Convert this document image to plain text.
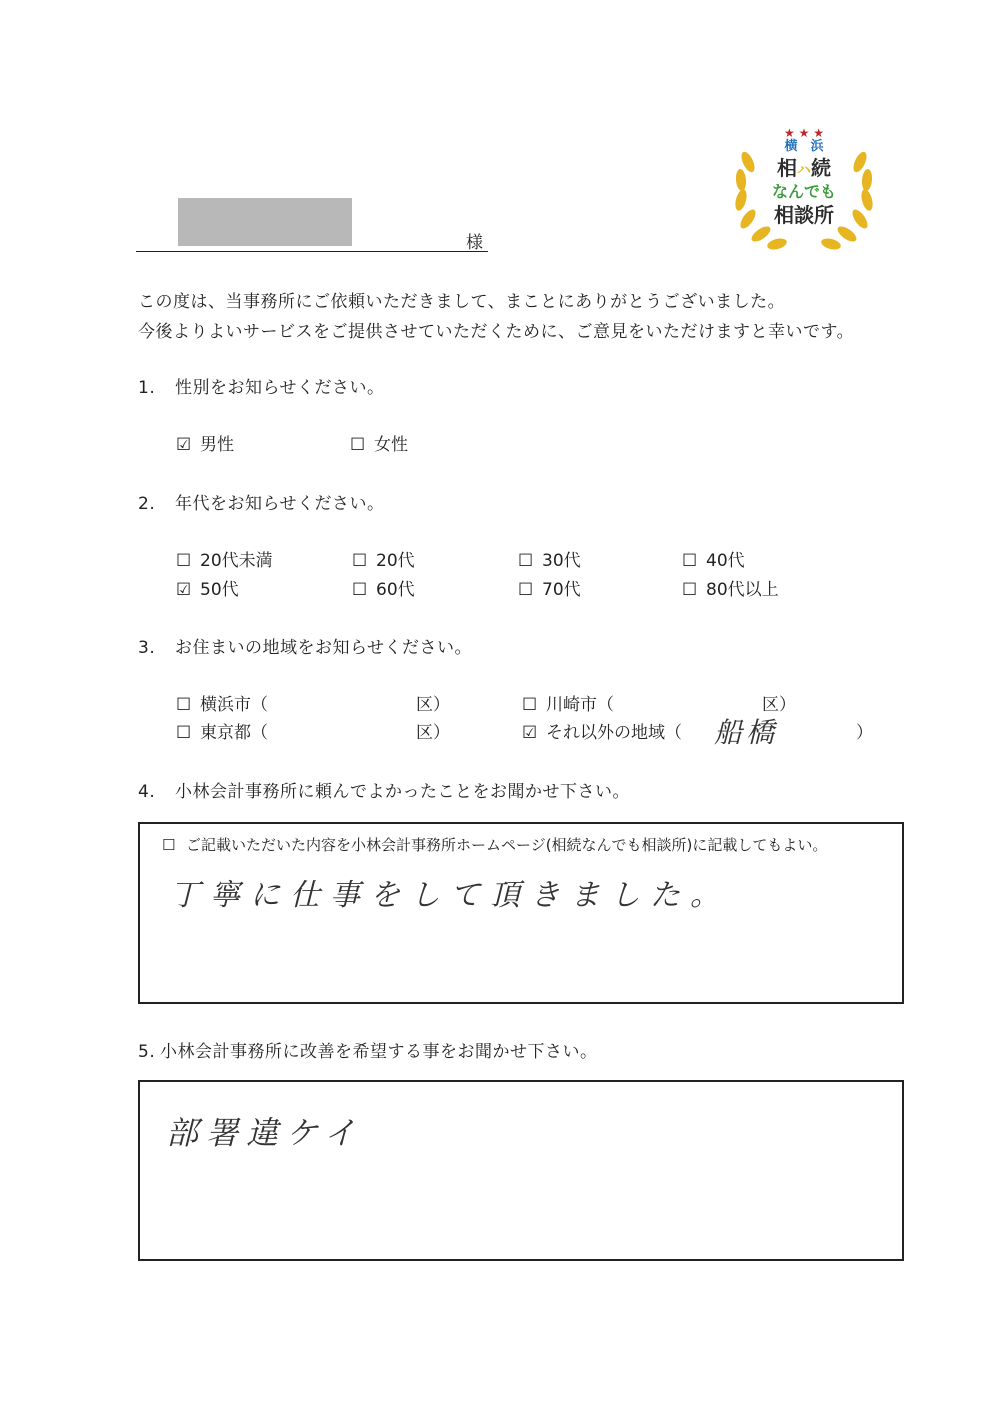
★ ★ ★
横　浜
相ハ続
なんでも
相談所
様
この度は、当事務所にご依頼いただきまして、まことにありがとうございました。
今後よりよいサービスをご提供させていただくために、ご意見をいただけますと幸いです。
1. 性別をお知らせください。
☑ 男性	☐ 女性
2. 年代をお知らせください。
☐ 20代未満	☐ 20代	☐ 30代	☐ 40代
☑ 50代	☐ 60代	☐ 70代	☐ 80代以上
3. お住まいの地域をお知らせください。
☐ 横浜市（	区）	☐ 川崎市（	区）
☐ 東京都（	区）	☑ それ以外の地域（ 船橋	）
4. 小林会計事務所に頼んでよかったことをお聞かせ下さい。
☐ ご記載いただいた内容を小林会計事務所ホームページ(相続なんでも相談所)に記載してもよい。
丁寧に仕事をして頂きました。
5. 小林会計事務所に改善を希望する事をお聞かせ下さい。
部署違ケイ
